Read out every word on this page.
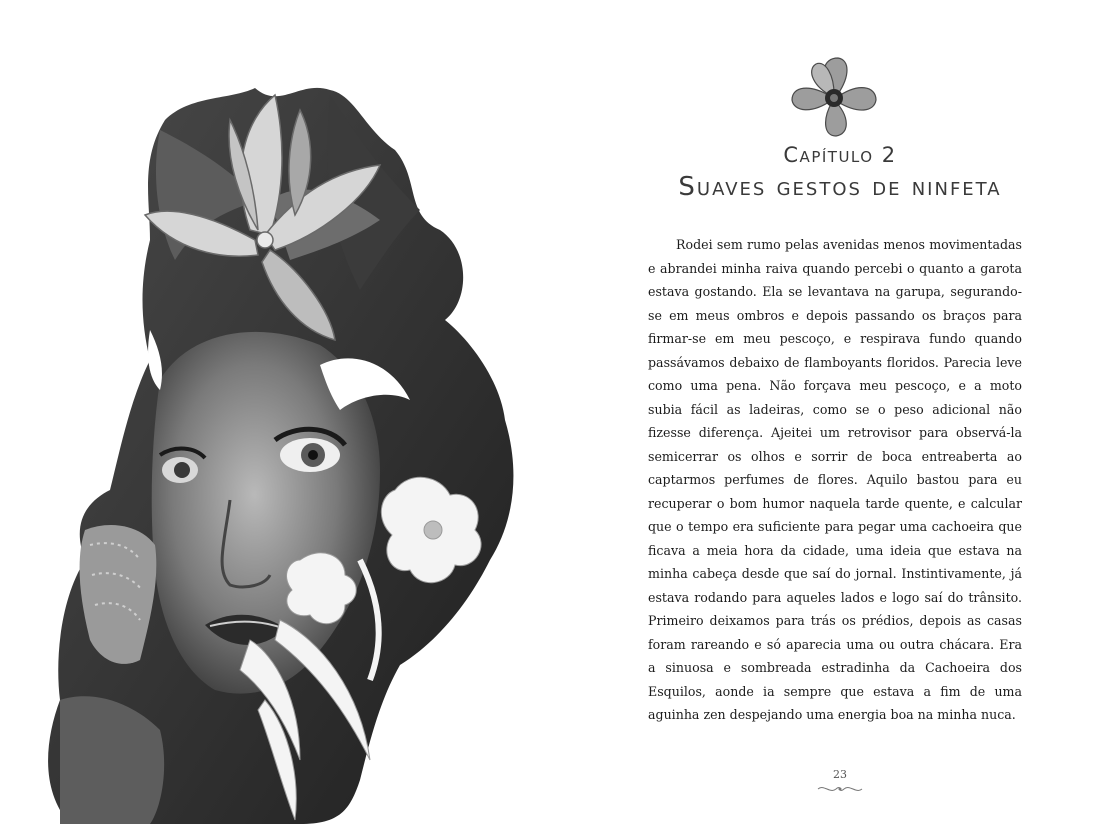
Capítulo 2
Suaves gestos de ninfeta

Rodei sem rumo pelas avenidas menos movimentadas e abrandei minha raiva quando percebi o quanto a garota estava gostando. Ela se levantava na garupa, segurando-se em meus ombros e depois passando os braços para firmar-se em meu pescoço, e respirava fundo quando passávamos debaixo de flamboyants floridos. Parecia leve como uma pena. Não forçava meu pescoço, e a moto subia fácil as ladeiras, como se o peso adicional não fizesse diferença. Ajeitei um retrovisor para observá-la semicerrar os olhos e sorrir de boca entreaberta ao captarmos perfumes de flores. Aquilo bastou para eu recuperar o bom humor naquela tarde quente, e calcular que o tempo era suficiente para pegar uma cachoeira que ficava a meia hora da cidade, uma ideia que estava na minha cabeça desde que saí do jornal. Instintivamente, já estava rodando para aqueles lados e logo saí do trânsito. Primeiro deixamos para trás os prédios, depois as casas foram rareando e só aparecia uma ou outra chácara. Era a sinuosa e sombreada estradinha da Cachoeira dos Esquilos, aonde ia sempre que estava a fim de uma aguinha zen despejando uma energia boa na minha nuca.

23
